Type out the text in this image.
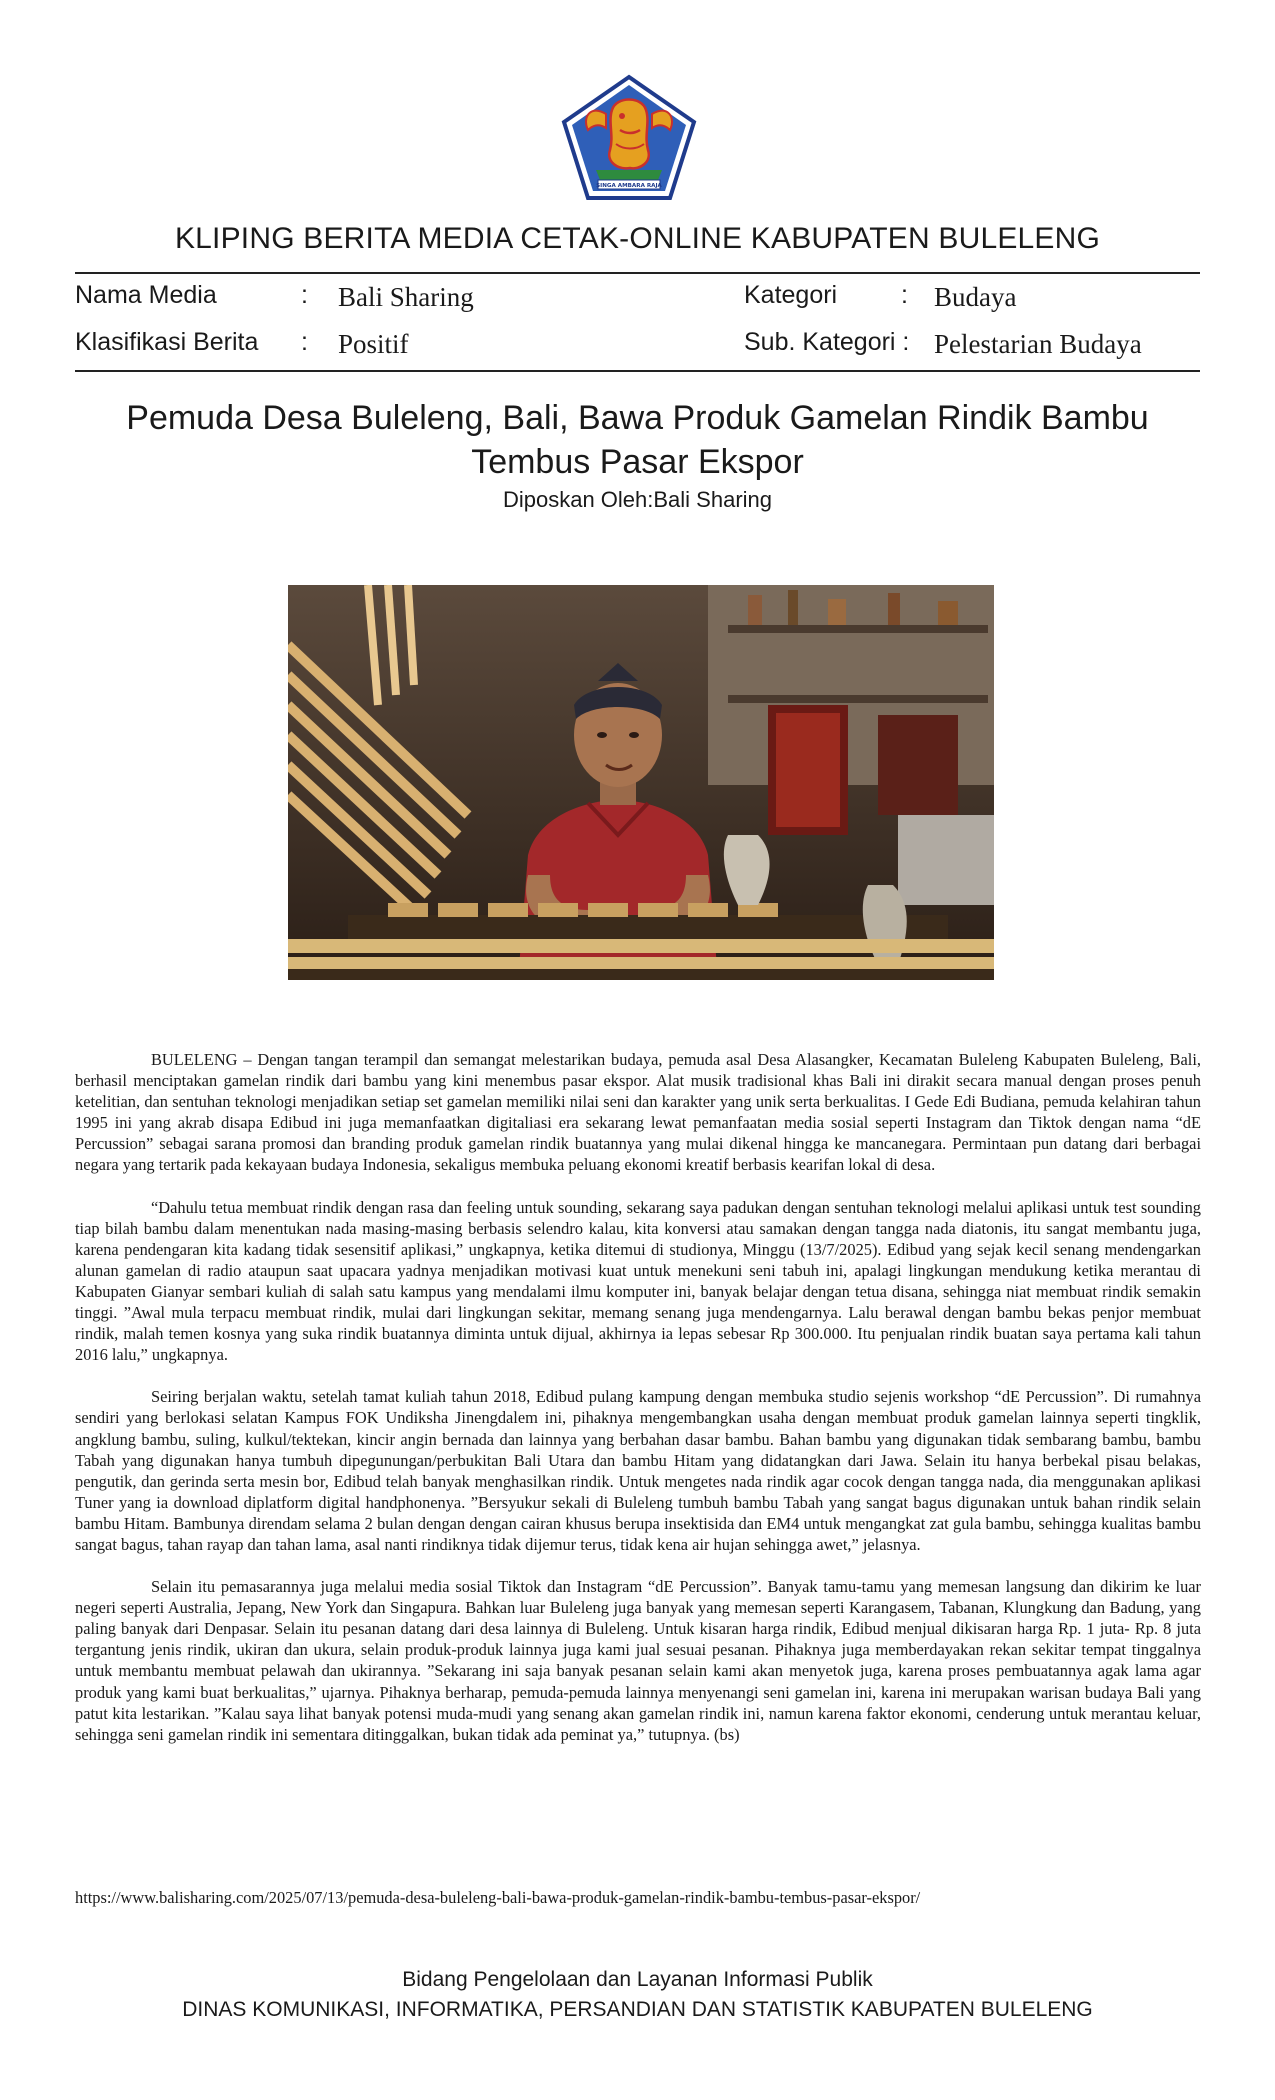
SINGA AMBARA RAJA
KLIPING BERITA MEDIA CETAK-ONLINE KABUPATEN BULELENG
Nama Media	: Bali Sharing
Klasifikasi Berita : Positif
Kategori	: Budaya
Sub. Kategori : Pelestarian Budaya
Pemuda Desa Buleleng, Bali, Bawa Produk Gamelan Rindik Bambu
Tembus Pasar Ekspor
Diposkan Oleh:Bali Sharing

BULELENG – Dengan tangan terampil dan semangat melestarikan budaya, pemuda asal Desa Alasangker, Kecamatan Buleleng Kabupaten Buleleng, Bali, berhasil menciptakan gamelan rindik dari bambu yang kini menembus pasar ekspor. Alat musik tradisional khas Bali ini dirakit secara manual dengan proses penuh ketelitian, dan sentuhan teknologi menjadikan setiap set gamelan memiliki nilai seni dan karakter yang unik serta berkualitas. I Gede Edi Budiana, pemuda kelahiran tahun 1995 ini yang akrab disapa Edibud ini juga memanfaatkan digitaliasi era sekarang lewat pemanfaatan media sosial seperti Instagram dan Tiktok dengan nama “dE Percussion” sebagai sarana promosi dan branding produk gamelan rindik buatannya yang mulai dikenal hingga ke mancanegara. Permintaan pun datang dari berbagai negara yang tertarik pada kekayaan budaya Indonesia, sekaligus membuka peluang ekonomi kreatif berbasis kearifan lokal di desa.

“Dahulu tetua membuat rindik dengan rasa dan feeling untuk sounding, sekarang saya padukan dengan sentuhan teknologi melalui aplikasi untuk test sounding tiap bilah bambu dalam menentukan nada masing-masing berbasis selendro kalau, kita konversi atau samakan dengan tangga nada diatonis, itu sangat membantu juga, karena pendengaran kita kadang tidak sesensitif aplikasi,” ungkapnya, ketika ditemui di studionya, Minggu (13/7/2025). Edibud yang sejak kecil senang mendengarkan alunan gamelan di radio ataupun saat upacara yadnya menjadikan motivasi kuat untuk menekuni seni tabuh ini, apalagi lingkungan mendukung ketika merantau di Kabupaten Gianyar sembari kuliah di salah satu kampus yang mendalami ilmu komputer ini, banyak belajar dengan tetua disana, sehingga niat membuat rindik semakin tinggi. ”Awal mula terpacu membuat rindik, mulai dari lingkungan sekitar, memang senang juga mendengarnya. Lalu berawal dengan bambu bekas penjor membuat rindik, malah temen kosnya yang suka rindik buatannya diminta untuk dijual, akhirnya ia lepas sebesar Rp 300.000. Itu penjualan rindik buatan saya pertama kali tahun 2016 lalu,” ungkapnya.

Seiring berjalan waktu, setelah tamat kuliah tahun 2018, Edibud pulang kampung dengan membuka studio sejenis workshop “dE Percussion”. Di rumahnya sendiri yang berlokasi selatan Kampus FOK Undiksha Jinengdalem ini, pihaknya mengembangkan usaha dengan membuat produk gamelan lainnya seperti tingklik, angklung bambu, suling, kulkul/tektekan, kincir angin bernada dan lainnya yang berbahan dasar bambu. Bahan bambu yang digunakan tidak sembarang bambu, bambu Tabah yang digunakan hanya tumbuh dipegunungan/perbukitan Bali Utara dan bambu Hitam yang didatangkan dari Jawa. Selain itu hanya berbekal pisau belakas, pengutik, dan gerinda serta mesin bor, Edibud telah banyak menghasilkan rindik. Untuk mengetes nada rindik agar cocok dengan tangga nada, dia menggunakan aplikasi Tuner yang ia download diplatform digital handphonenya. ”Bersyukur sekali di Buleleng tumbuh bambu Tabah yang sangat bagus digunakan untuk bahan rindik selain bambu Hitam. Bambunya direndam selama 2 bulan dengan dengan cairan khusus berupa insektisida dan EM4 untuk mengangkat zat gula bambu, sehingga kualitas bambu sangat bagus, tahan rayap dan tahan lama, asal nanti rindiknya tidak dijemur terus, tidak kena air hujan sehingga awet,” jelasnya.

Selain itu pemasarannya juga melalui media sosial Tiktok dan Instagram “dE Percussion”. Banyak tamu-tamu yang memesan langsung dan dikirim ke luar negeri seperti Australia, Jepang, New York dan Singapura. Bahkan luar Buleleng juga banyak yang memesan seperti Karangasem, Tabanan, Klungkung dan Badung, yang paling banyak dari Denpasar. Selain itu pesanan datang dari desa lainnya di Buleleng. Untuk kisaran harga rindik, Edibud menjual dikisaran harga Rp. 1 juta- Rp. 8 juta tergantung jenis rindik, ukiran dan ukura, selain produk-produk lainnya juga kami jual sesuai pesanan. Pihaknya juga memberdayakan rekan sekitar tempat tinggalnya untuk membantu membuat pelawah dan ukirannya. ”Sekarang ini saja banyak pesanan selain kami akan menyetok juga, karena proses pembuatannya agak lama agar produk yang kami buat berkualitas,” ujarnya. Pihaknya berharap, pemuda-pemuda lainnya menyenangi seni gamelan ini, karena ini merupakan warisan budaya Bali yang patut kita lestarikan. ”Kalau saya lihat banyak potensi muda-mudi yang senang akan gamelan rindik ini, namun karena faktor ekonomi, cenderung untuk merantau keluar, sehingga seni gamelan rindik ini sementara ditinggalkan, bukan tidak ada peminat ya,” tutupnya. (bs)

https://www.balisharing.com/2025/07/13/pemuda-desa-buleleng-bali-bawa-produk-gamelan-rindik-bambu-tembus-pasar-ekspor/
Bidang Pengelolaan dan Layanan Informasi Publik
DINAS KOMUNIKASI, INFORMATIKA, PERSANDIAN DAN STATISTIK KABUPATEN BULELENG
